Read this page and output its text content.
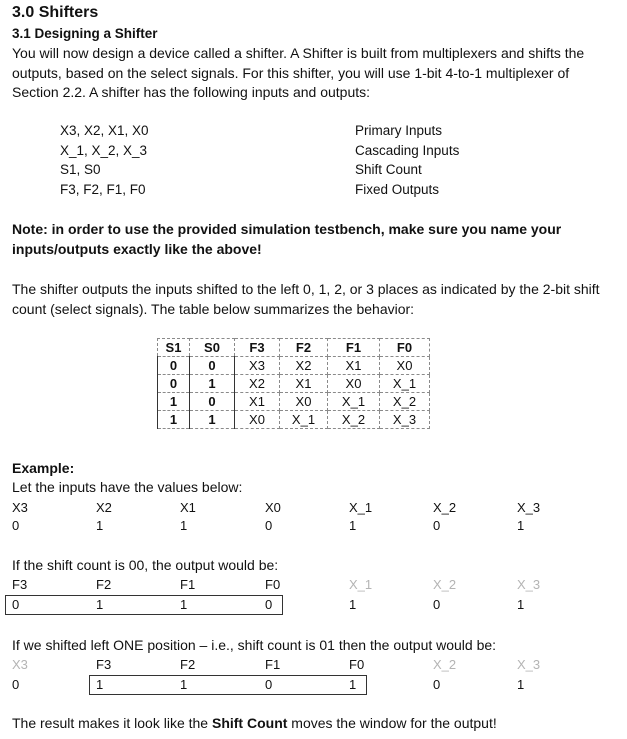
3.0 Shifters
3.1 Designing a Shifter
You will now design a device called a shifter. A Shifter is built from multiplexers and shifts the outputs, based on the select signals. For this shifter, you will use 1-bit 4-to-1 multiplexer of Section 2.2. A shifter has the following inputs and outputs:
X3, X2, X1, X0	Primary Inputs
X_1, X_2, X_3	Cascading Inputs
S1, S0	Shift Count
F3, F2, F1, F0	Fixed Outputs
Note: in order to use the provided simulation testbench, make sure you name your inputs/outputs exactly like the above!
The shifter outputs the inputs shifted to the left 0, 1, 2, or 3 places as indicated by the 2-bit shift count (select signals). The table below summarizes the behavior:
S1	S0	F3	F2	F1	F0
0	0	X3	X2	X1	X0
0	1	X2	X1	X0	X_1
1	0	X1	X0	X_1	X_2
1	1	X0	X_1	X_2	X_3
Example:
Let the inputs have the values below:
X3	X2	X1	X0	X_1	X_2	X_3
0	1	1	0	1	0	1
If the shift count is 00, the output would be:
F3	F2	F1	F0	X_1	X_2	X_3
0	1	1	0	1	0	1
If we shifted left ONE position – i.e., shift count is 01 then the output would be:
X3	F3	F2	F1	F0	X_2	X_3
0	1	1	0	1	0	1
The result makes it look like the Shift Count moves the window for the output!
